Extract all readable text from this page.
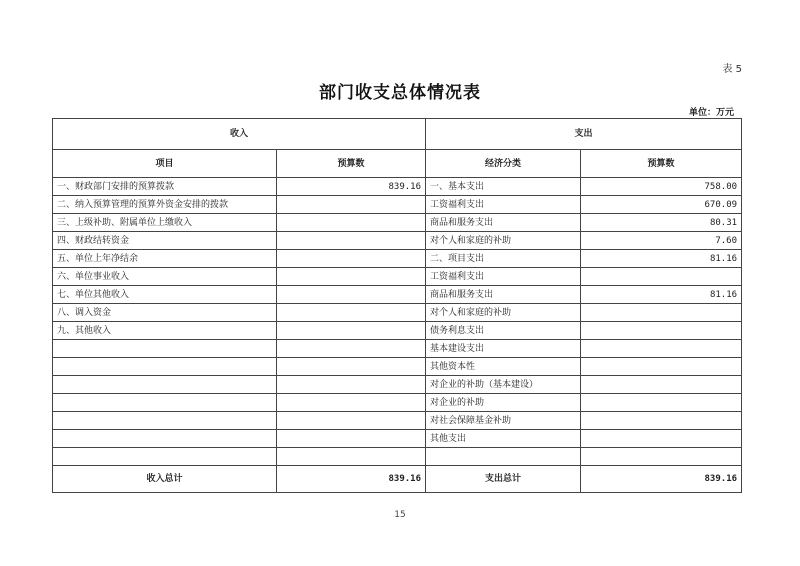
表 5
部门收支总体情况表
单位：万元
收入		支出	
项目	预算数	经济分类	预算数
一、财政部门安排的预算拨款	839.16	一、基本支出	758.00
二、纳入预算管理的预算外资金安排的拨款		工资福利支出	670.09
三、上级补助、附属单位上缴收入		商品和服务支出	80.31
四、财政结转资金		对个人和家庭的补助	7.60
五、单位上年净结余		二、项目支出	81.16
六、单位事业收入		工资福利支出	
七、单位其他收入		商品和服务支出	81.16
八、调入资金		对个人和家庭的补助	
九、其他收入		债务利息支出	
		基本建设支出	
		其他资本性	
		对企业的补助（基本建设）	
		对企业的补助	
		对社会保障基金补助	
		其他支出	

收入总计	839.16	支出总计	839.16
15
